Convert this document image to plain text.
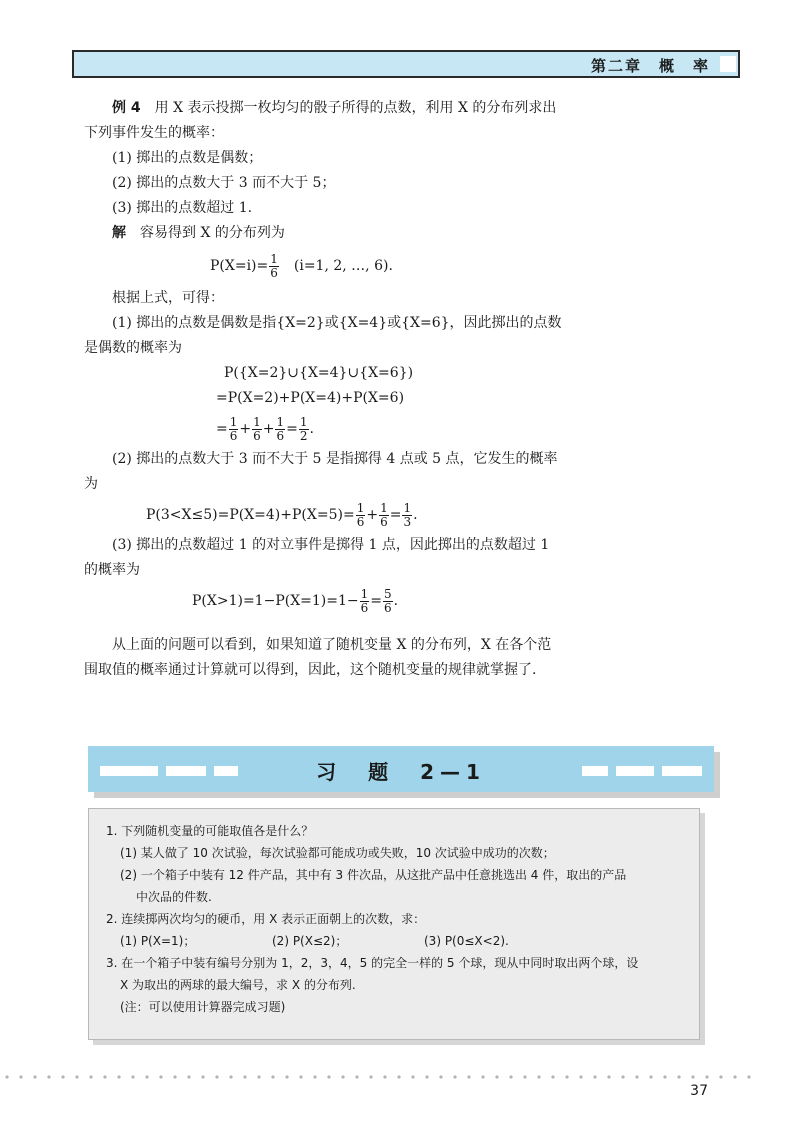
第二章　概　率

例 4　 用 X 表示投掷一枚均匀的骰子所得的点数，利用 X 的分布列求出下列事件发生的概率：

(1) 掷出的点数是偶数；

(2) 掷出的点数大于 3 而不大于 5；

(3) 掷出的点数超过 1.

解　 容易得到 X 的分布列为

$P(X=i)= \frac{1}{6}$
　 (i=1, 2, …, 6).

根据上式，可得：

(1) 掷出的点数是偶数是指{X=2}或{X=4}或{X=6}，因此掷出的点数是偶数的概率为

P({X=2}∪{X=4}∪{X=6})

=P(X=2)+P(X=4)+P(X=6)

= $\frac{1}{6} + \frac{1}{6} + \frac{1}{6} = \frac{1}{2}$ .

(2) 掷出的点数大于 3 而不大于 5 是指掷得 4 点或 5 点，它发生的概率为

$P(3<X\le 5)=P(X=4)+P(X=5)= \frac{1}{6} + \frac{1}{6} = \frac{1}{3}$ .

(3) 掷出的点数超过 1 的对立事件是掷得 1 点，因此掷出的点数超过 1 的概率为

$P(X>1)=1-P(X=1)=1- \frac{1}{6} = \frac{5}{6}$ .

从上面的问题可以看到，如果知道了随机变量 X 的分布列，X 在各个范围取值的概率通过计算就可以得到，因此，这个随机变量的规律就掌握了.

习　题　2—1

1. 下列随机变量的可能取值各是什么？

(1) 某人做了 10 次试验，每次试验都可能成功或失败，10 次试验中成功的次数；

(2) 一个箱子中装有 12 件产品，其中有 3 件次品，从这批产品中任意挑选出 4 件，取出的产品

中次品的件数.

2. 连续掷两次均匀的硬币，用 X 表示正面朝上的次数，求：

(1) P(X=1)；	(2) P(X≤2)；	(3) P(0≤X<2).

3. 在一个箱子中装有编号分别为 1，2，3，4，5 的完全一样的 5 个球，现从中同时取出两个球，设

X 为取出的两球的最大编号，求 X 的分布列.

(注：可以使用计算器完成习题)

37
